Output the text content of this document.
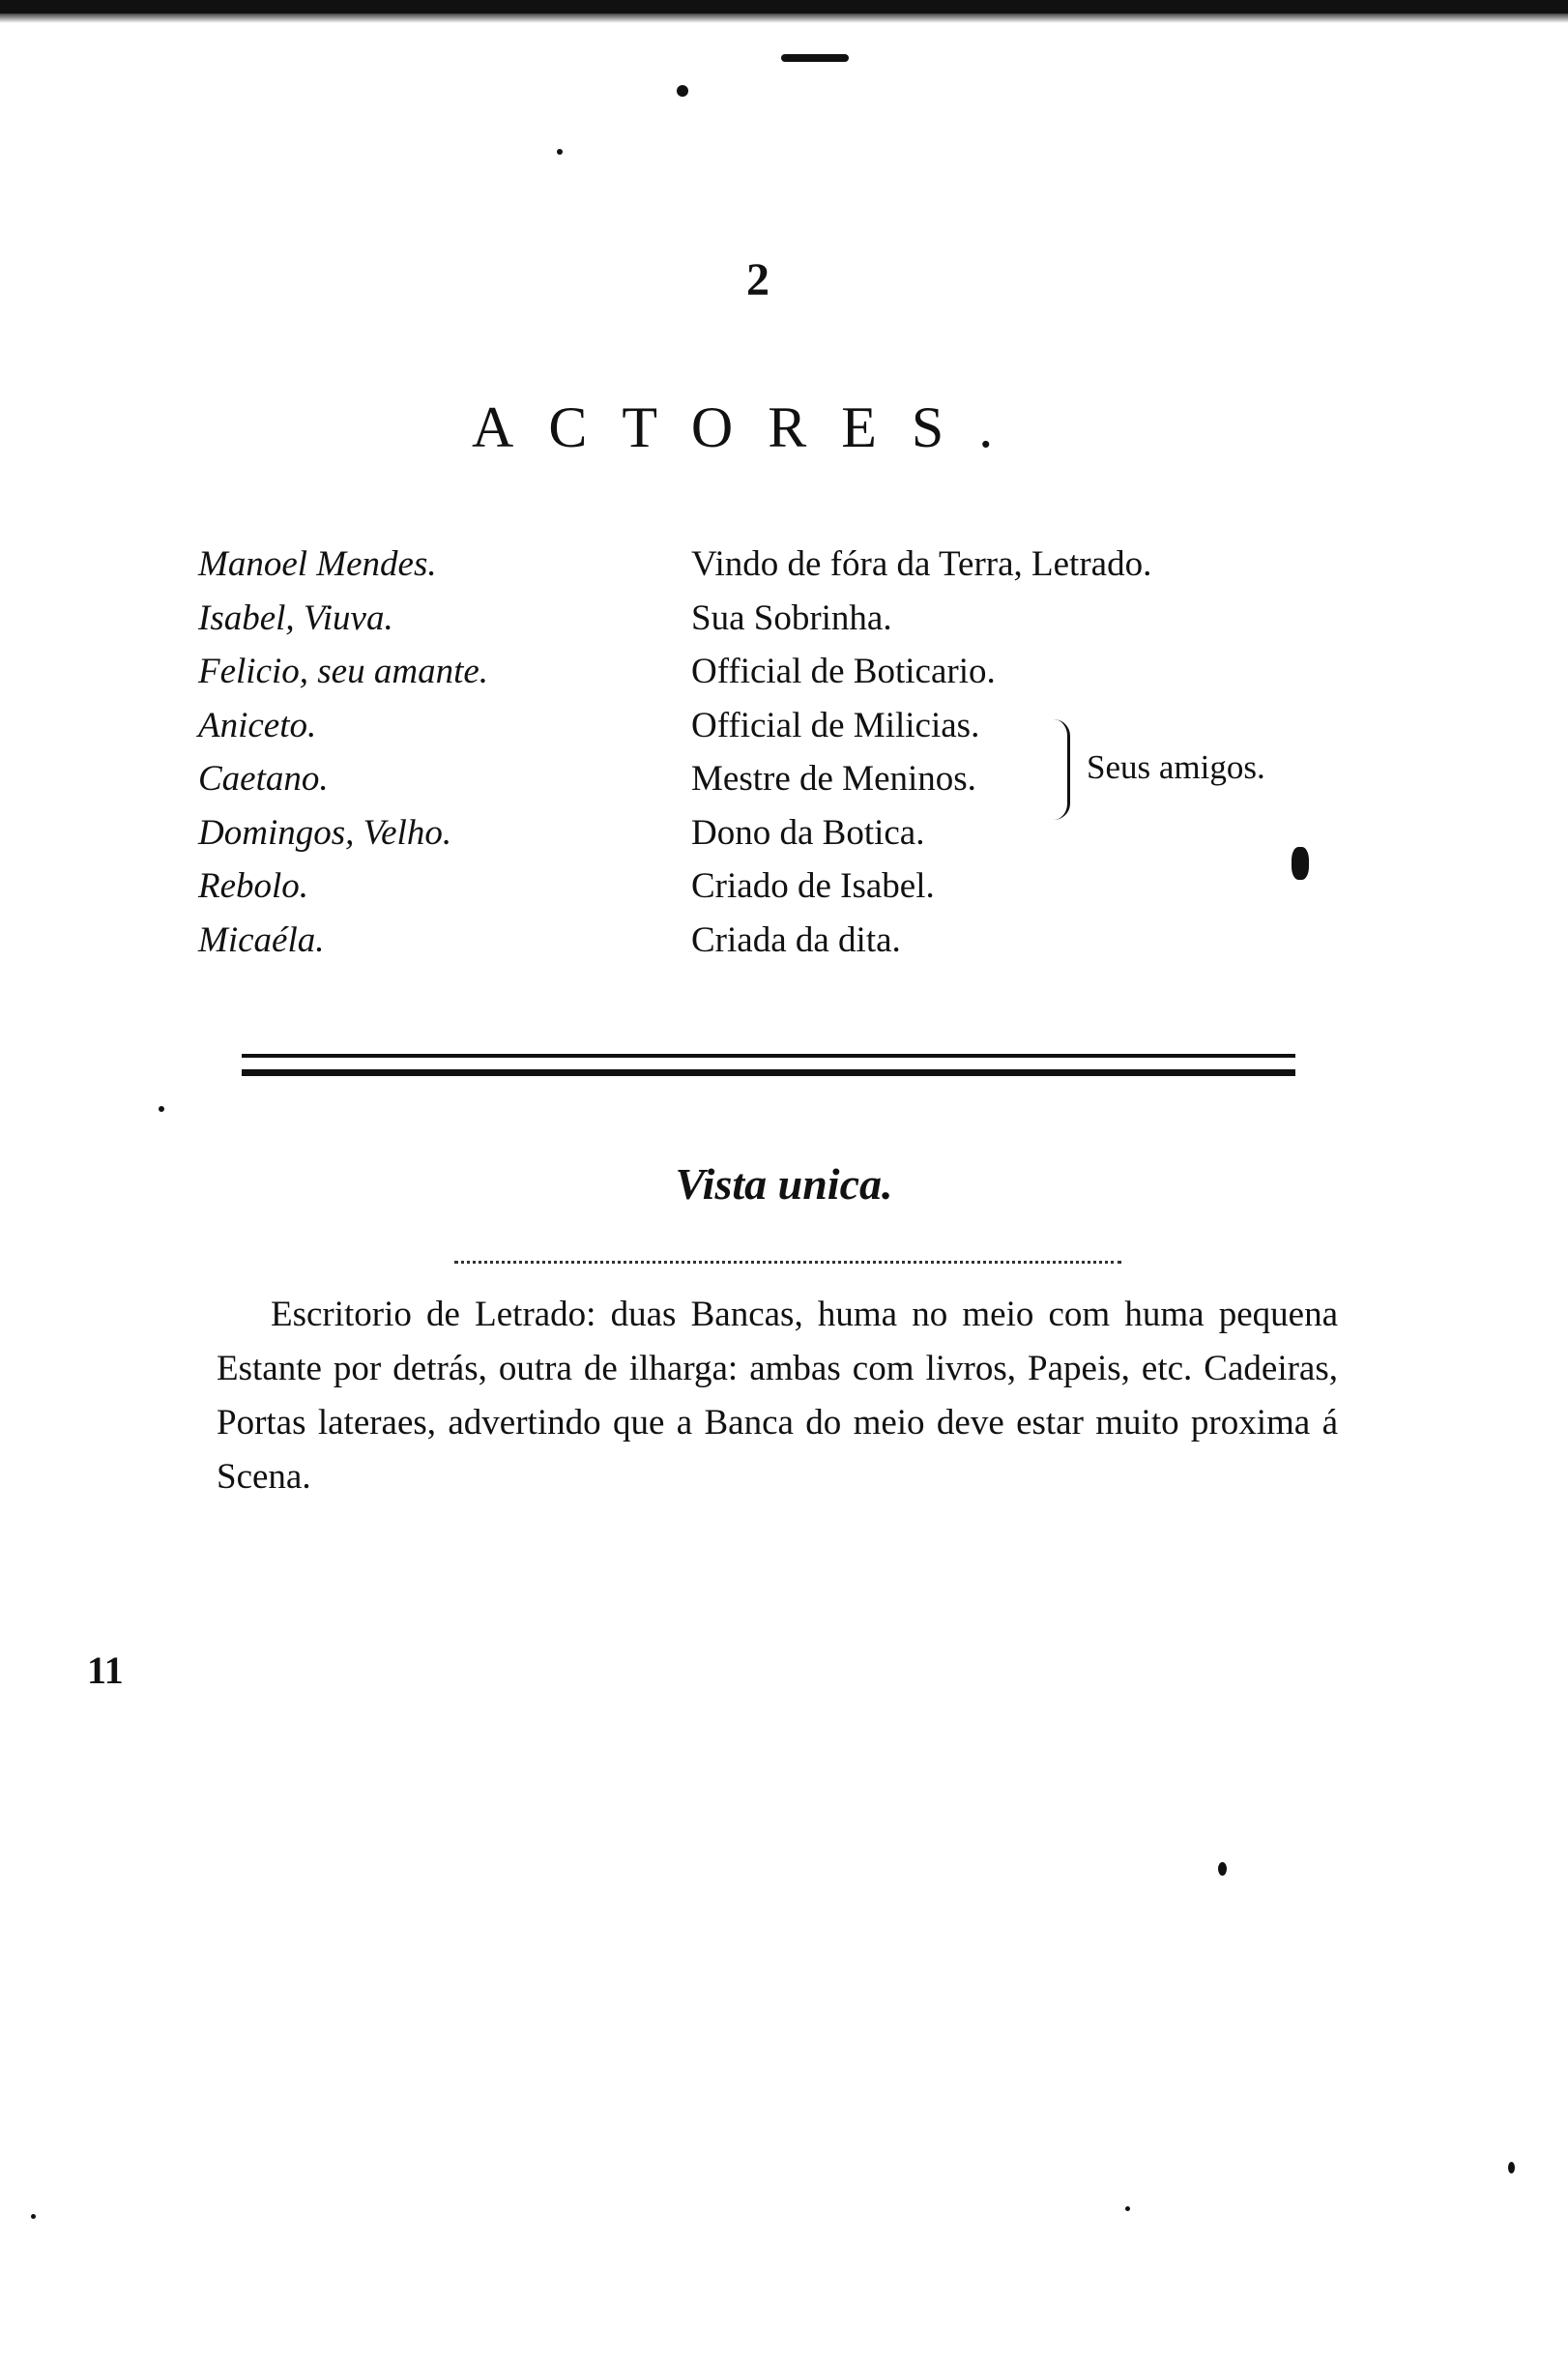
2
ACTORES.
Manoel Mendes.	Vindo de fóra da Terra, Letrado.
Isabel, Viuva.	Sua Sobrinha.
Felicio, seu amante.	Official de Boticario.
Aniceto.	Official de Milicias.
Caetano.	Mestre de Meninos.
Domingos, Velho.	Dono da Botica.
Rebolo.	Criado de Isabel.
Micaéla.	Criada da dita.
Seus amigos.
Vista unica.

Escritorio de Letrado: duas Bancas, huma no meio com huma pequena Estante por detrás, outra de ilharga: ambas com livros, Papeis, etc. Cadeiras, Portas lateraes, advertindo que a Banca do meio deve estar muito proxima á Scena.

11
